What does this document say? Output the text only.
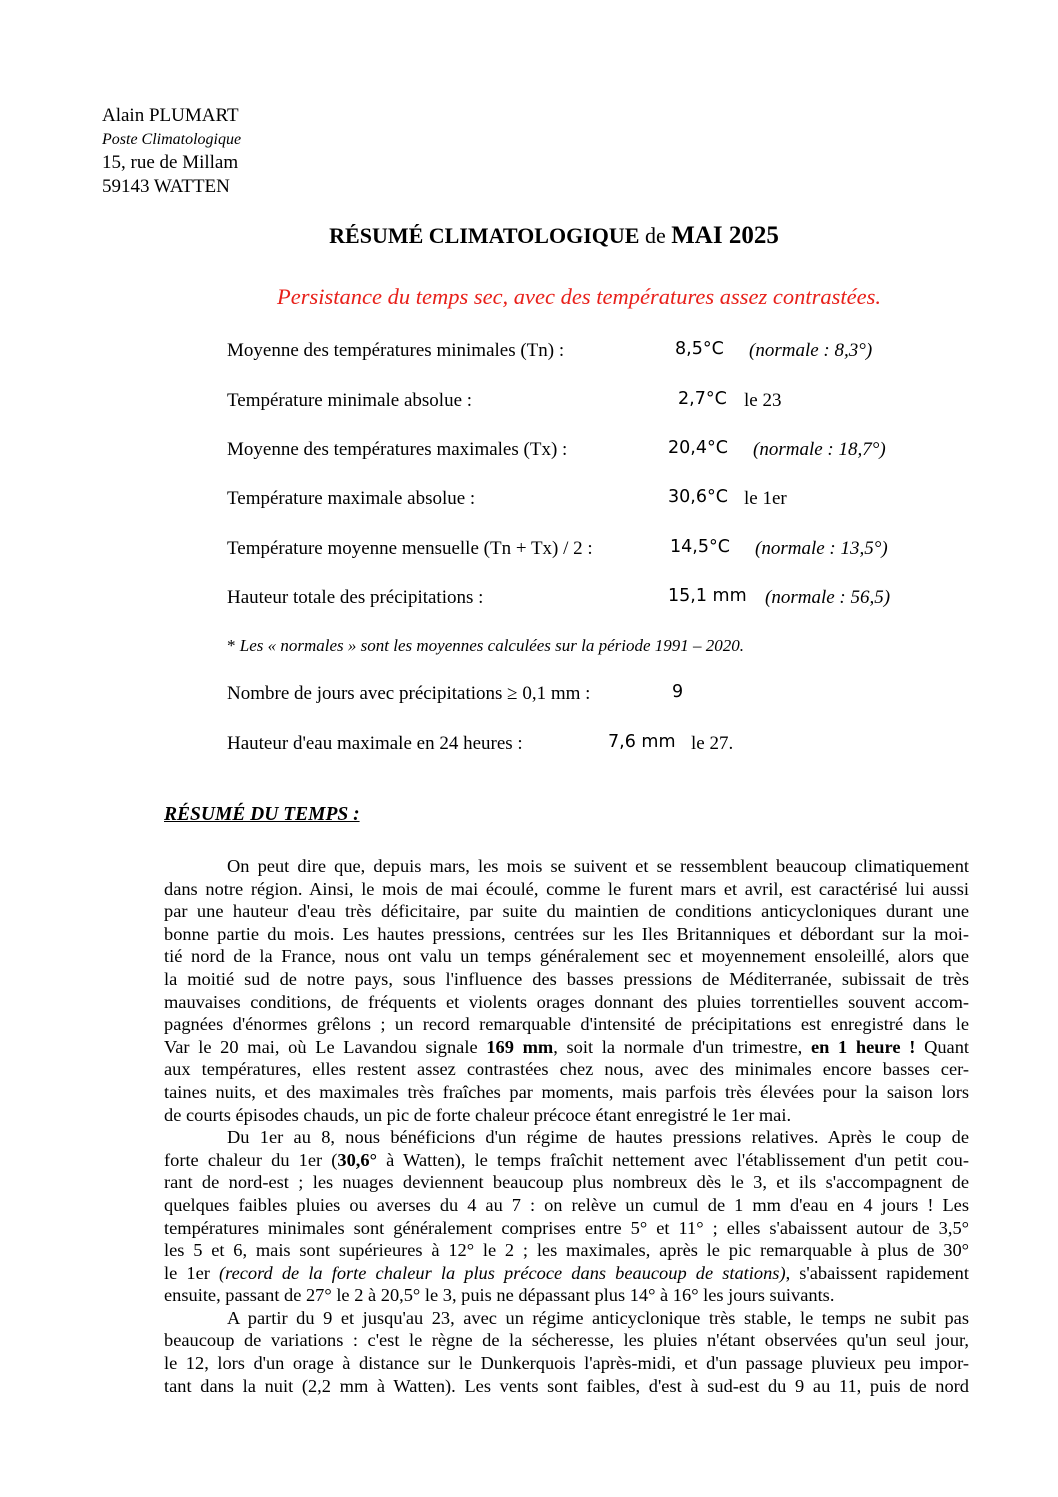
Alain PLUMART
Poste Climatologique
15, rue de Millam
59143 WATTEN
RÉSUMÉ CLIMATOLOGIQUE de MAI 2025
Persistance du temps sec, avec des températures assez contrastées.
Moyenne des températures minimales (Tn) :	8,5°C (normale : 8,3°)
Température minimale absolue :	2,7°C le 23
Moyenne des températures maximales (Tx) :	20,4°C (normale : 18,7°)
Température maximale absolue :	30,6°C le 1er
Température moyenne mensuelle (Tn + Tx) / 2 :	14,5°C (normale : 13,5°)
Hauteur totale des précipitations :	15,1 mm (normale : 56,5)
* Les « normales » sont les moyennes calculées sur la période 1991 – 2020.
Nombre de jours avec précipitations ≥ 0,1 mm :	9
Hauteur d'eau maximale en 24 heures :	7,6 mm le 27.
RÉSUMÉ DU TEMPS :
On peut dire que, depuis mars, les mois se suivent et se ressemblent beaucoup climatiquement
dans notre région. Ainsi, le mois de mai écoulé, comme le furent mars et avril, est caractérisé lui aussi
par une hauteur d'eau très déficitaire, par suite du maintien de conditions anticycloniques durant une
bonne partie du mois. Les hautes pressions, centrées sur les Iles Britanniques et débordant sur la moi-
tié nord de la France, nous ont valu un temps généralement sec et moyennement ensoleillé, alors que
la moitié sud de notre pays, sous l'influence des basses pressions de Méditerranée, subissait de très
mauvaises conditions, de fréquents et violents orages donnant des pluies torrentielles souvent accom-
pagnées d'énormes grêlons ; un record remarquable d'intensité de précipitations est enregistré dans le
Var le 20 mai, où Le Lavandou signale 169 mm, soit la normale d'un trimestre, en 1 heure ! Quant
aux températures, elles restent assez contrastées chez nous, avec des minimales encore basses cer-
taines nuits, et des maximales très fraîches par moments, mais parfois très élevées pour la saison lors
de courts épisodes chauds, un pic de forte chaleur précoce étant enregistré le 1er mai.
Du 1er au 8, nous bénéficions d'un régime de hautes pressions relatives. Après le coup de
forte chaleur du 1er (30,6° à Watten), le temps fraîchit nettement avec l'établissement d'un petit cou-
rant de nord-est ; les nuages deviennent beaucoup plus nombreux dès le 3, et ils s'accompagnent de
quelques faibles pluies ou averses du 4 au 7 : on relève un cumul de 1 mm d'eau en 4 jours ! Les
températures minimales sont généralement comprises entre 5° et 11° ; elles s'abaissent autour de 3,5°
les 5 et 6, mais sont supérieures à 12° le 2 ; les maximales, après le pic remarquable à plus de 30°
le 1er (record de la forte chaleur la plus précoce dans beaucoup de stations), s'abaissent rapidement
ensuite, passant de 27° le 2 à 20,5° le 3, puis ne dépassant plus 14° à 16° les jours suivants.
A partir du 9 et jusqu'au 23, avec un régime anticyclonique très stable, le temps ne subit pas
beaucoup de variations : c'est le règne de la sécheresse, les pluies n'étant observées qu'un seul jour,
le 12, lors d'un orage à distance sur le Dunkerquois l'après-midi, et d'un passage pluvieux peu impor-
tant dans la nuit (2,2 mm à Watten). Les vents sont faibles, d'est à sud-est du 9 au 11, puis de nord
